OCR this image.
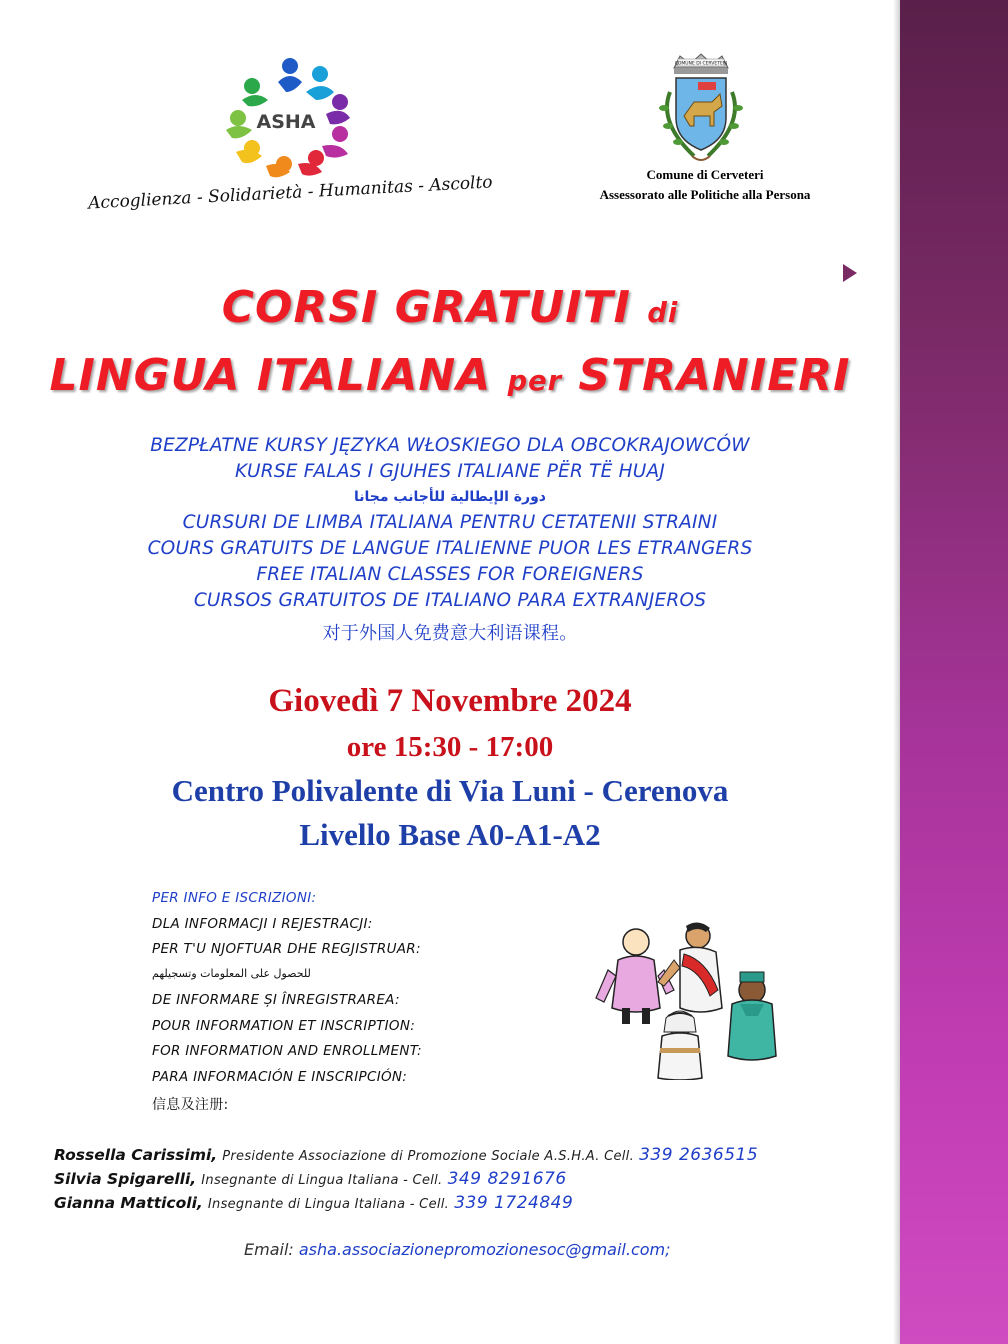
ASHA
Accoglienza - Solidarietà - Humanitas - Ascolto
COMUNE DI CERVETERI
Comune di Cerveteri
Assessorato alle Politiche alla Persona
CORSI GRATUITI di
LINGUA ITALIANA per STRANIERI
BEZPŁATNE KURSY JĘZYKA WŁOSKIEGO DLA OBCOKRAJOWCÓW
KURSE FALAS I GJUHES ITALIANE PËR TË HUAJ
دورة الإيطالية للأجانب مجانا
CURSURI DE LIMBA ITALIANA PENTRU CETATENII STRAINI
COURS GRATUITS DE LANGUE ITALIENNE PUOR LES ETRANGERS
FREE ITALIAN CLASSES FOR FOREIGNERS
CURSOS GRATUITOS DE ITALIANO PARA EXTRANJEROS
对于外国人免费意大利语课程。
Giovedì 7 Novembre 2024
ore 15:30 - 17:00
Centro Polivalente di Via Luni - Cerenova
Livello Base A0-A1-A2
PER INFO E ISCRIZIONI:
DLA INFORMACJI I REJESTRACJI:
PER T'U NJOFTUAR DHE REGJISTRUAR:
للحصول على المعلومات وتسجيلهم
DE INFORMARE ȘI ÎNREGISTRAREA:
POUR INFORMATION ET INSCRIPTION:
FOR INFORMATION AND ENROLLMENT:
PARA INFORMACIÓN E INSCRIPCIÓN:
信息及注册:
Rossella Carissimi, Presidente Associazione di Promozione Sociale A.S.H.A. Cell. 339 2636515
Silvia Spigarelli, Insegnante di Lingua Italiana - Cell. 349 8291676
Gianna Matticoli, Insegnante di Lingua Italiana - Cell. 339 1724849
Email: asha.associazionepromozionesoc@gmail.com;
